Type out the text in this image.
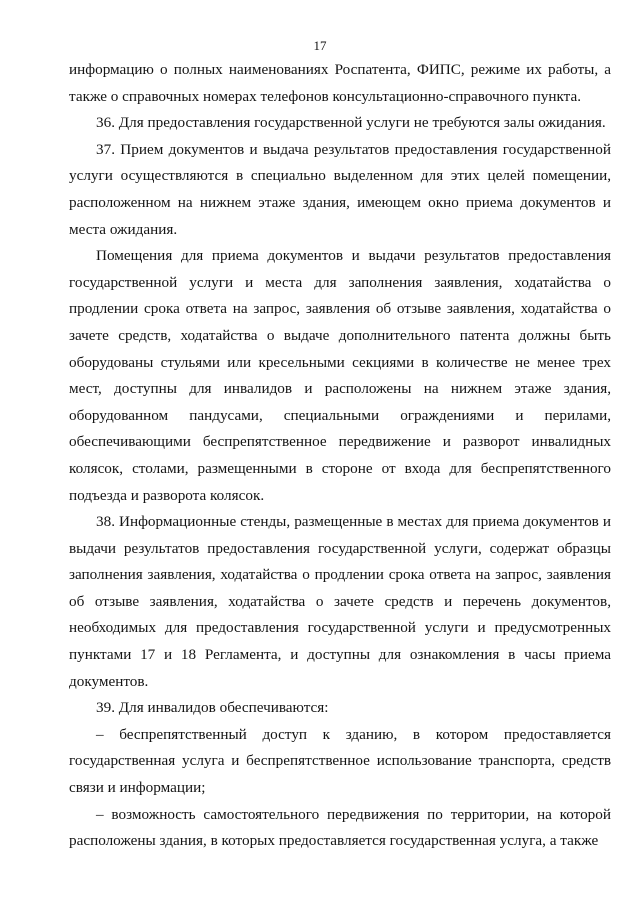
17

информацию о полных наименованиях Роспатента, ФИПС, режиме их работы, а также о справочных номерах телефонов консультационно-справочного пункта.

36. Для предоставления государственной услуги не требуются залы ожидания.

37. Прием документов и выдача результатов предоставления государственной услуги осуществляются в специально выделенном для этих целей помещении, расположенном на нижнем этаже здания, имеющем окно приема документов и места ожидания.

Помещения для приема документов и выдачи результатов предоставления государственной услуги и места для заполнения заявления, ходатайства о продлении срока ответа на запрос, заявления об отзыве заявления, ходатайства о зачете средств, ходатайства о выдаче дополнительного патента должны быть оборудованы стульями или кресельными секциями в количестве не менее трех мест, доступны для инвалидов и расположены на нижнем этаже здания, оборудованном пандусами, специальными ограждениями и перилами, обеспечивающими беспрепятственное передвижение и разворот инвалидных колясок, столами, размещенными в стороне от входа для беспрепятственного подъезда и разворота колясок.

38. Информационные стенды, размещенные в местах для приема документов и выдачи результатов предоставления государственной услуги, содержат образцы заполнения заявления, ходатайства о продлении срока ответа на запрос, заявления об отзыве заявления, ходатайства о зачете средств и перечень документов, необходимых для предоставления государственной услуги и предусмотренных пунктами 17 и 18 Регламента, и доступны для ознакомления в часы приема документов.

39. Для инвалидов обеспечиваются:

– беспрепятственный доступ к зданию, в котором предоставляется государственная услуга и беспрепятственное использование транспорта, средств связи и информации;

– возможность самостоятельного передвижения по территории, на которой расположены здания, в которых предоставляется государственная услуга, а также
